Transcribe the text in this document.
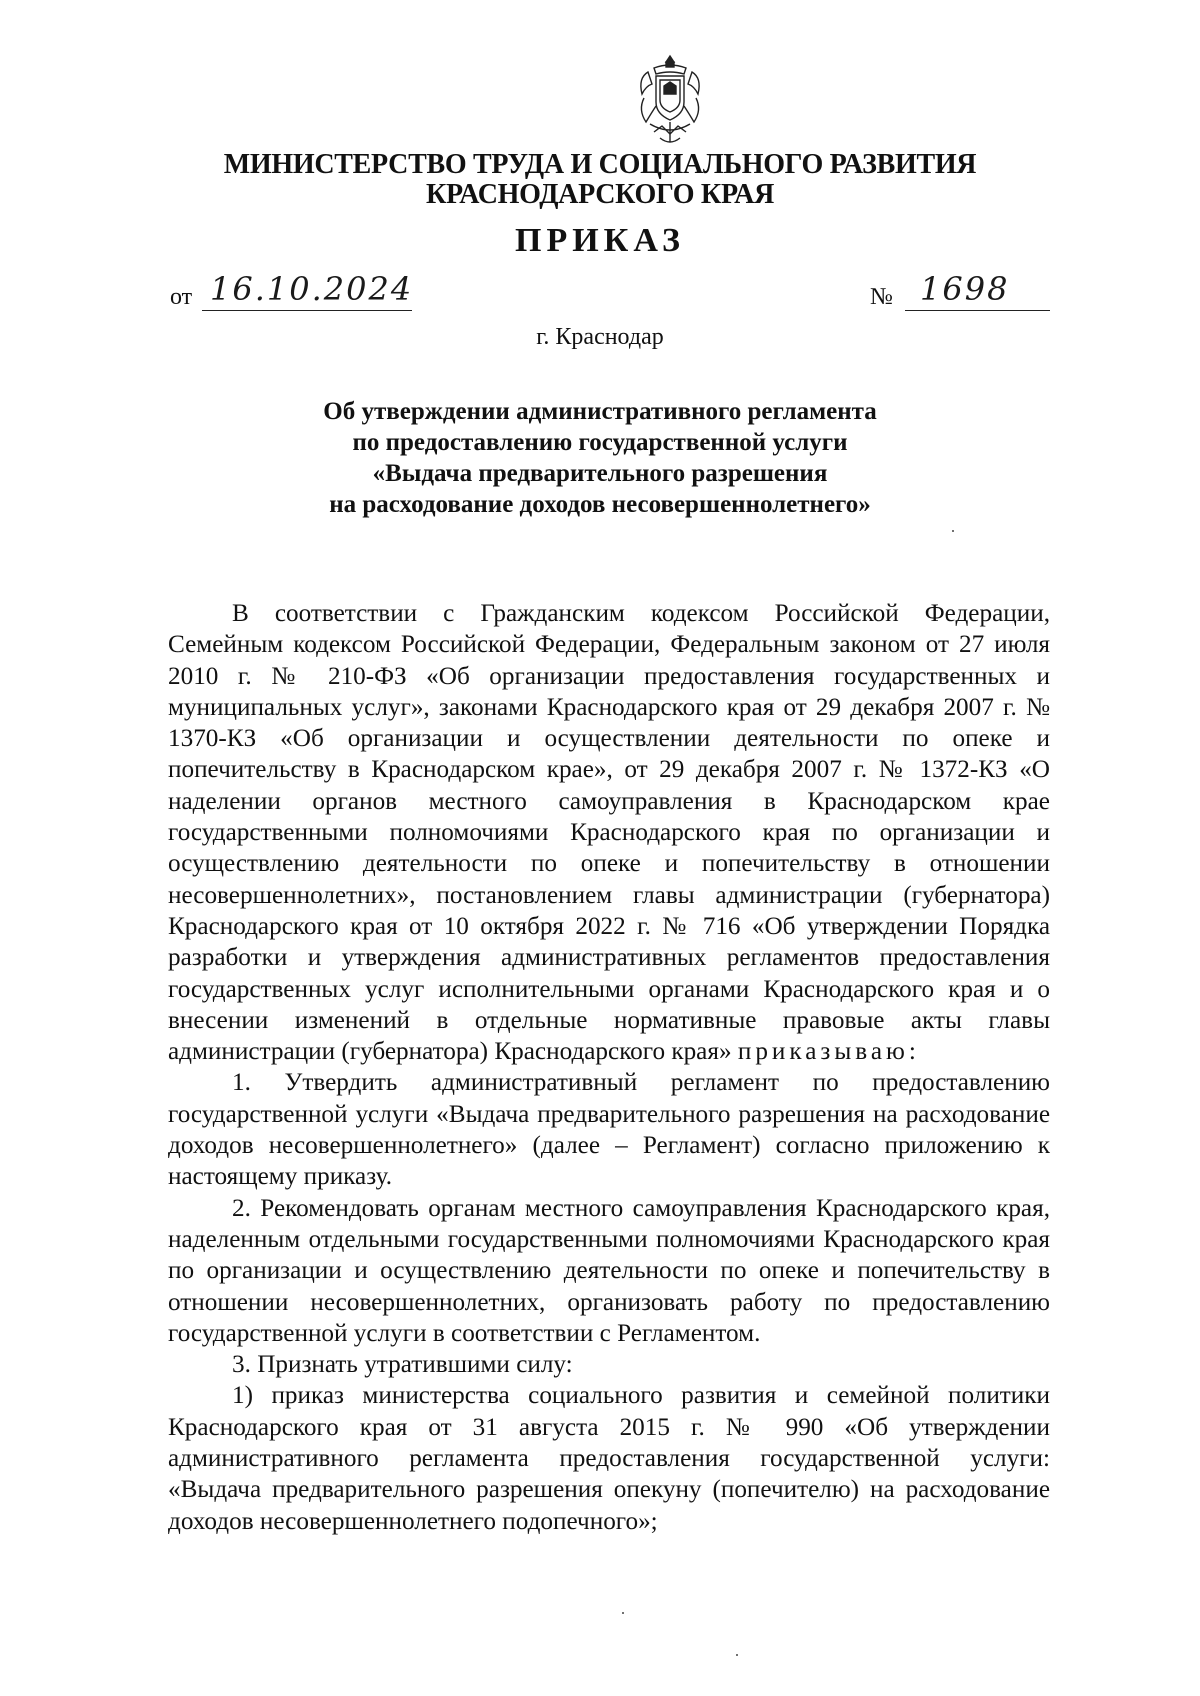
МИНИСТЕРСТВО ТРУДА И СОЦИАЛЬНОГО РАЗВИТИЯ
КРАСНОДАРСКОГО КРАЯ
ПРИКАЗ
от 16.10.2024	№ 1698
г. Краснодар
Об утверждении административного регламента
по предоставлению государственной услуги
«Выдача предварительного разрешения
на расходование доходов несовершеннолетнего»

В соответствии с Гражданским кодексом Российской Федерации, Семейным кодексом Российской Федерации, Федеральным законом от 27 июля 2010 г. № 210-ФЗ «Об организации предоставления государственных и муниципальных услуг», законами Краснодарского края от 29 декабря 2007 г. № 1370-КЗ «Об организации и осуществлении деятельности по опеке и попечительству в Краснодарском крае», от 29 декабря 2007 г. № 1372-КЗ «О наделении органов местного самоуправления в Краснодарском крае государственными полномочиями Краснодарского края по организации и осуществлению деятельности по опеке и попечительству в отношении несовершеннолетних», постановлением главы администрации (губернатора) Краснодарского края от 10 октября 2022 г. № 716 «Об утверждении Порядка разработки и утверждения административных регламентов предоставления государственных услуг исполнительными органами Краснодарского края и о внесении изменений в отдельные нормативные правовые акты главы администрации (губернатора) Краснодарского края» приказываю:

1. Утвердить административный регламент по предоставлению государственной услуги «Выдача предварительного разрешения на расходование доходов несовершеннолетнего» (далее – Регламент) согласно приложению к настоящему приказу.

2. Рекомендовать органам местного самоуправления Краснодарского края, наделенным отдельными государственными полномочиями Краснодарского края по организации и осуществлению деятельности по опеке и попечительству в отношении несовершеннолетних, организовать работу по предоставлению государственной услуги в соответствии с Регламентом.

3. Признать утратившими силу:

1) приказ министерства социального развития и семейной политики Краснодарского края от 31 августа 2015 г. № 990 «Об утверждении административного регламента предоставления государственной услуги: «Выдача предварительного разрешения опекуну (попечителю) на расходование доходов несовершеннолетнего подопечного»;
